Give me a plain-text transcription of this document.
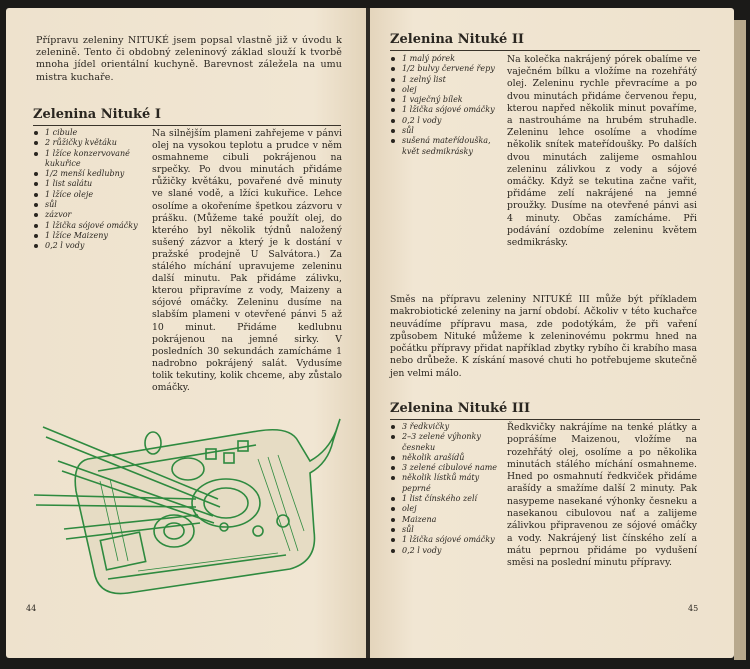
Přípravu zeleniny NITUKÉ jsem popsal vlastně již v úvodu k zelenině. Tento či obdobný zeleninový základ slouží k tvorbě mnoha jídel orientální kuchyně. Barevnost záležela na umu mistra kuchaře.

Zelenina Nituké I
1 cibule
2 růžičky květáku
1 lžíce konzervované kukuřice
1/2 menší kedlubny
1 list salátu
1 lžíce oleje
sůl
zázvor
1 lžička sójové omáčky
1 lžíce Maizeny
0,2 l vody

Na silnějším plameni zahřejeme v pánvi olej na vysokou teplotu a prudce v něm osmahneme cibuli pokrájenou na srpečky. Po dvou minutách přidáme růžičky květáku, povařené dvě minuty ve slané vodě, a lžíci kukuřice. Lehce osolíme a okořeníme špetkou zázvoru v prášku. (Můžeme také použít olej, do kterého byl několik týdnů naložený sušený zázvor a který je k dostání v pražské prodejně U Salvátora.) Za stálého míchání upravujeme zeleninu další minutu. Pak přidáme zálivku, kterou připravíme z vody, Maizeny a sójové omáčky. Zeleninu dusíme na slabším plameni v otevřené pánvi 5 až 10 minut. Přidáme kedlubnu pokrájenou na jemné sirky. V posledních 30 sekundách zamícháme 1 nadrobno pokrájený salát. Vydusíme tolik tekutiny, kolik chceme, aby zůstalo omáčky.

44
Zelenina Nituké II
1 malý pórek
1/2 bulvy červené řepy
1 zelný list
olej
1 vaječný bílek
1 lžička sójové omáčky
0,2 l vody
sůl
sušená mateřídouška, květ sedmikrásky

Na kolečka nakrájený pórek obalíme ve vaječném bílku a vložíme na rozehřátý olej. Zeleninu rychle převracíme a po dvou minutách přidáme červenou řepu, kterou napřed několik minut povaříme, a nastrouháme na hrubém struhadle. Zeleninu lehce osolíme a vhodíme několik snítek mateřídoušky. Po dalších dvou minutách zalijeme osmahlou zeleninu zálivkou z vody a sójové omáčky. Když se tekutina začne vařit, přidáme zelí nakrájené na jemné proužky. Dusíme na otevřené pánvi asi 4 minuty. Občas zamícháme. Při podávání ozdobíme zeleninu květem sedmikrásky.

Směs na přípravu zeleniny NITUKÉ III může být příkladem makrobiotické zeleniny na jarní období. Ačkoliv v této kuchařce neuvádíme přípravu masa, zde podotýkám, že při vaření způsobem Nituké můžeme k zeleninovému pokrmu hned na počátku přípravy přidat například zbytky rybího či krabího masa nebo drůbeže. K získání masové chuti ho potřebujeme skutečně jen velmi málo.

Zelenina Nituké III
3 ředkvičky
2–3 zelené výhonky česneku
několik arašídů
3 zelené cibulové nате
několik lístků máty peprné
1 list čínského zelí
olej
Maizena
sůl
1 lžička sójové omáčky
0,2 l vody

Ředkvičky nakrájíme na tenké plátky a poprášíme Maizenou, vložíme na rozehřátý olej, osolíme a po několika minutách stálého míchání osmahneme. Hned po osmahnutí ředkviček přidáme arašídy a smažíme další 2 minuty. Pak nasypeme nasekané výhonky česneku a nasekanou cibulovou nať a zalijeme zálivkou připravenou ze sójové omáčky a vody. Nakrájený list čínského zelí a mátu peprnou přidáme po vydušení směsi na poslední minutu přípravy.

45
